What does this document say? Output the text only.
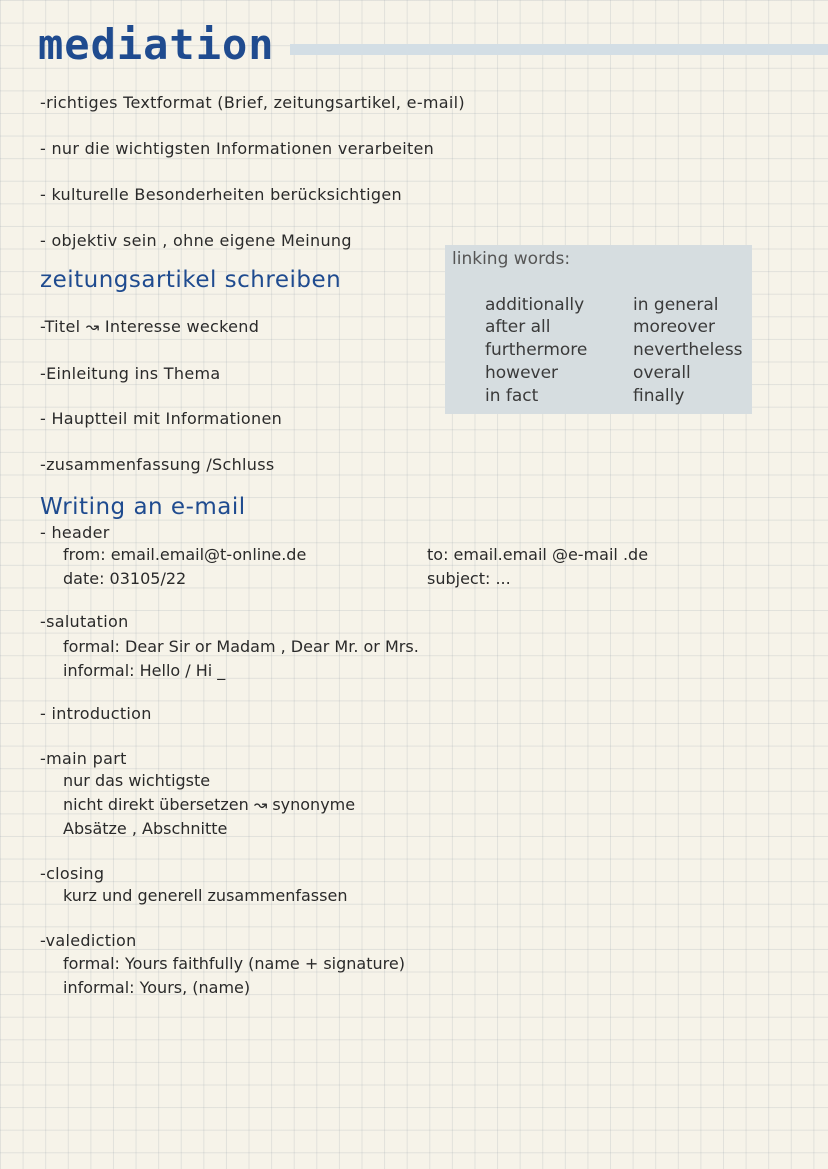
mediation
-richtiges Textformat (Brief, zeitungsartikel, e-mail)
- nur die wichtigsten Informationen verarbeiten
- kulturelle Besonderheiten berücksichtigen
- objektiv sein , ohne eigene Meinung
zeitungsartikel schreiben
-Titel ↝ Interesse weckend
-Einleitung ins Thema
- Hauptteil mit Informationen
-zusammenfassung /Schluss
linking words:
additionally
after all
furthermore
however
in fact
in general
moreover
nevertheless
overall
finally
Writing an e-mail
- header
from: email.email@t-online.de
date: 03105/22
to: email.email @e-mail .de
subject: ...
-salutation
formal: Dear Sir or Madam , Dear Mr. or Mrs.
informal: Hello / Hi _
- introduction
-main part
nur das wichtigste
nicht direkt übersetzen ↝ synonyme
Absätze , Abschnitte
-closing
kurz und generell zusammenfassen
-valediction
formal: Yours faithfully (name + signature)
informal: Yours, (name)
